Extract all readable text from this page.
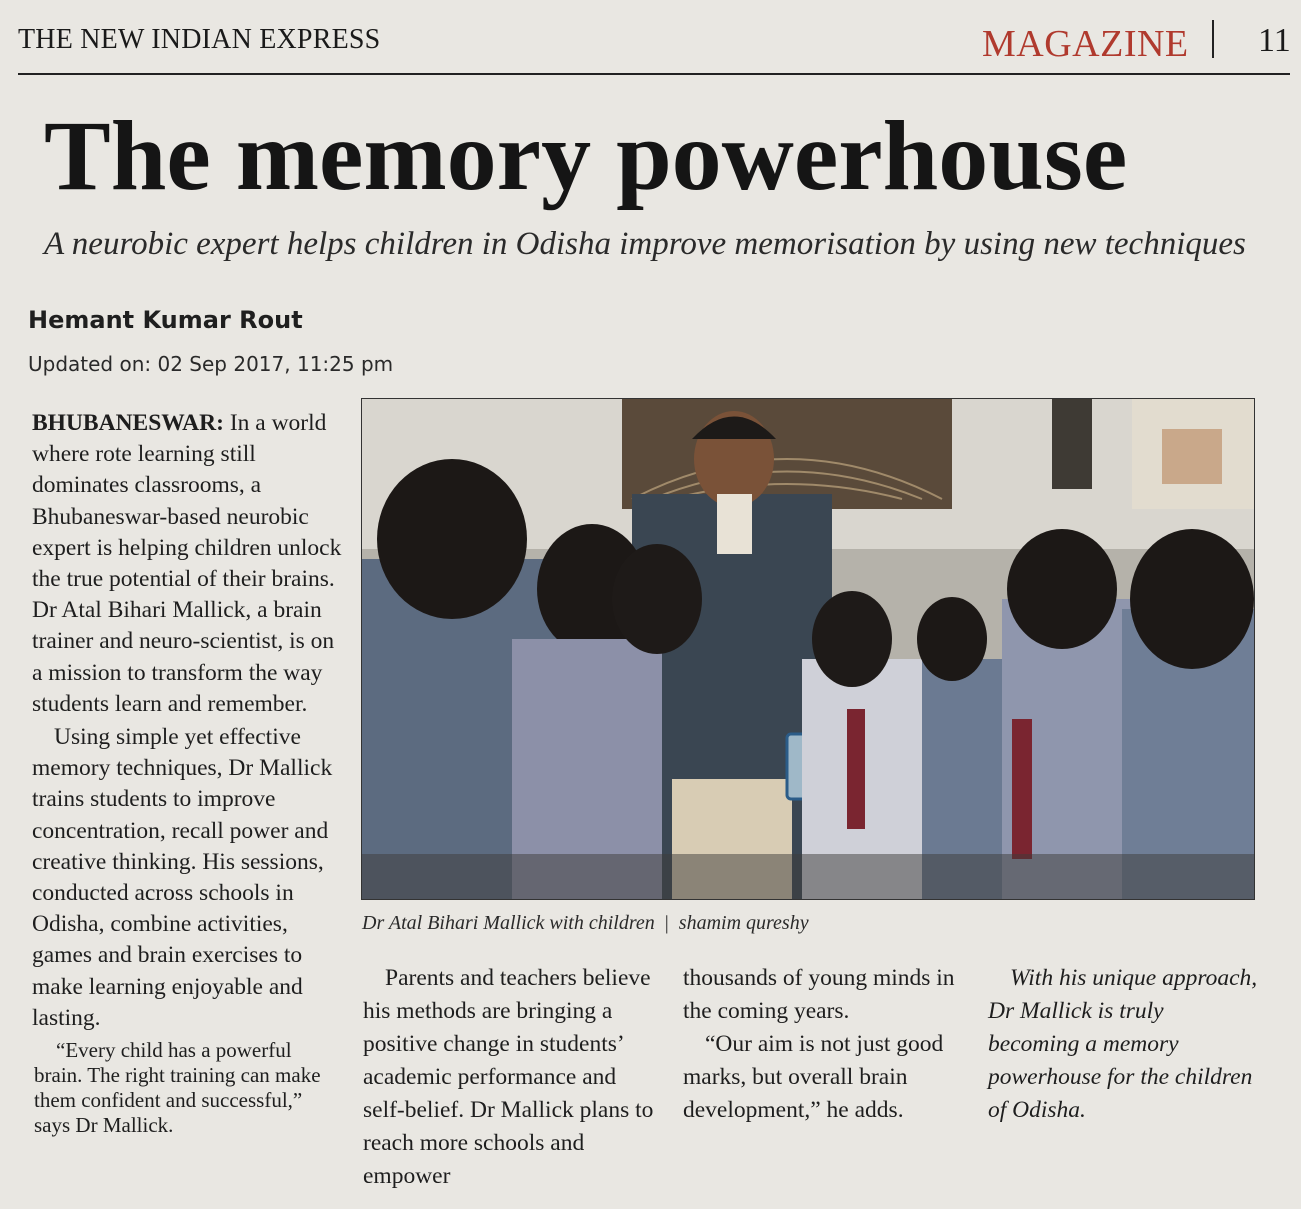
THE NEW INDIAN EXPRESS	MAGAZINE 11
The memory powerhouse
A neurobic expert helps children in Odisha improve memorisation by using new techniques
Hemant Kumar Rout
Updated on: 02 Sep 2017, 11:25 pm

BHUBANESWAR: In a world where rote learning still dominates classrooms, a Bhubaneswar-based neurobic expert is helping children unlock the true potential of their brains. Dr Atal Bihari Mallick, a brain trainer and neuro-scientist, is on a mission to transform the way students learn and remember.

Using simple yet effective memory techniques, Dr Mallick trains students to improve concentration, recall power and creative thinking. His sessions, conducted across schools in Odisha, combine activities, games and brain exercises to make learning enjoyable and lasting.

“Every child has a powerful brain. The right training can make them confident and successful,” says Dr Mallick.

Dr Atal Bihari Mallick with children | shamim qureshy

Parents and teachers believe his methods are bringing a positive change in students’ academic performance and self-belief. Dr Mallick plans to reach more schools and empower

thousands of young minds in the coming years.

“Our aim is not just good marks, but overall brain development,” he adds.

With his unique approach, Dr Mallick is truly becoming a memory powerhouse for the children of Odisha.
